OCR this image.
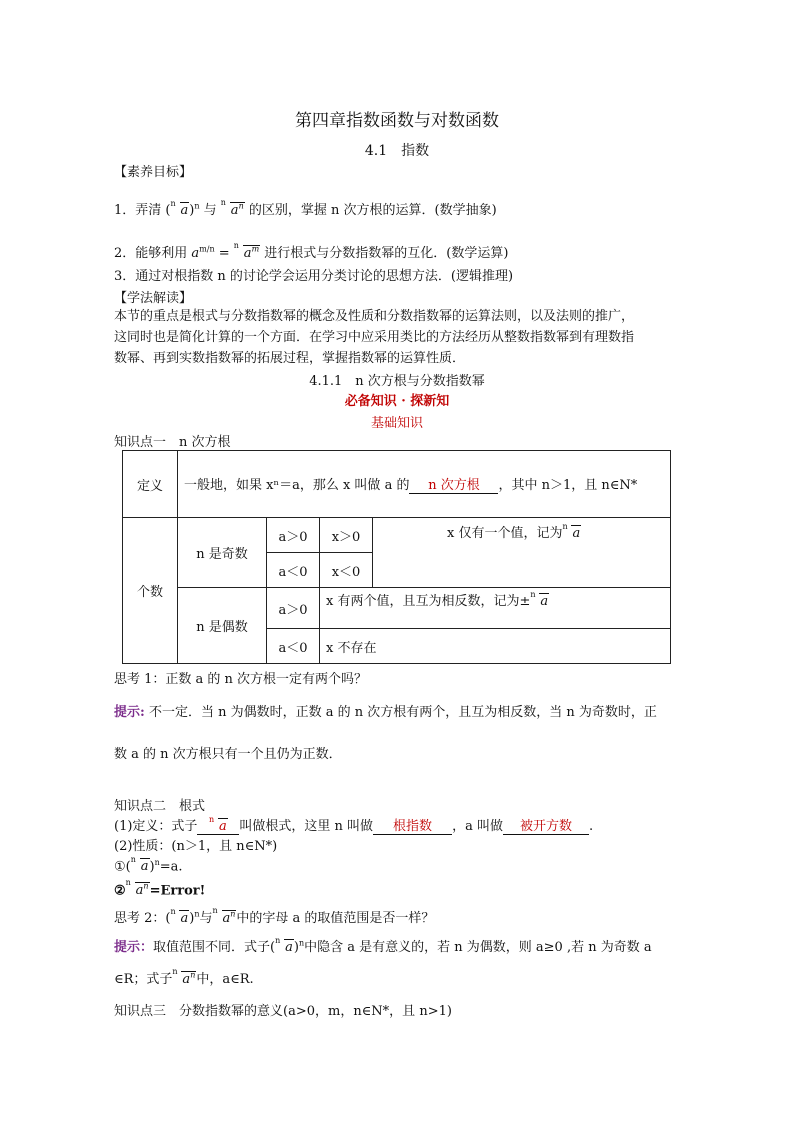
第四章指数函数与对数函数
4.1　指数
【素养目标】
1．弄清 ( n a)$^n$ 与
n
$a^n$ 的区别，掌握 n 次方根的运算．(数学抽象)
2．能够利用 $a^{m/n}$ =
n
$a^m$ 进行根式与分数指数幂的互化．(数学运算)
3．通过对根指数 n 的讨论学会运用分类讨论的思想方法．(逻辑推理)
【学法解读】
本节的重点是根式与分数指数幂的概念及性质和分数指数幂的运算法则，以及法则的推广，
这同时也是简化计算的一个方面．在学习中应采用类比的方法经历从整数指数幂到有理数指
数幂、再到实数指数幂的拓展过程，掌握指数幂的运算性质．
4.1.1　n 次方根与分数指数幂
必备知识 · 探新知
基础知识
知识点一　n 次方根
定义	一般地，如果 xⁿ＝a，那么 x 叫做 a 的 n 次方根 ，其中 n＞1，且 n∈N*			
个数	n 是奇数	a＞0	x＞0	x 仅有一个值，记为 n a
		a＜0	x＜0	
	n 是偶数	a＞0	x 有两个值，且互为相反数，记为± n a	
		a＜0	x 不存在	
思考 1：正数 a 的 n 次方根一定有两个吗？
提示: 不一定．当 n 为偶数时，正数 a 的 n 次方根有两个，且互为相反数，当 n 为奇数时，正
数 a 的 n 次方根只有一个且仍为正数．
知识点二　根式
(1)定义：式子 n a 叫做根式，这里 n 叫做 根指数 ，a 叫做 被开方数 .
(2)性质：(n＞1，且 n∈N*)
①( n a)$^n$=a.
②
n
$a^n=Error$!
思考 2：( n a)$^n$与
n
$a^n$中的字母 a 的取值范围是否一样？
提示：取值范围不同．式子( n a)$^n$中隐含 a 是有意义的，若 n 为偶数，则 a≥0 ,若 n 为奇数 a
∈R；式子
n
$a^n$中，a∈R.
知识点三　分数指数幂的意义(a>0，m，n∈N*，且 n>1)
